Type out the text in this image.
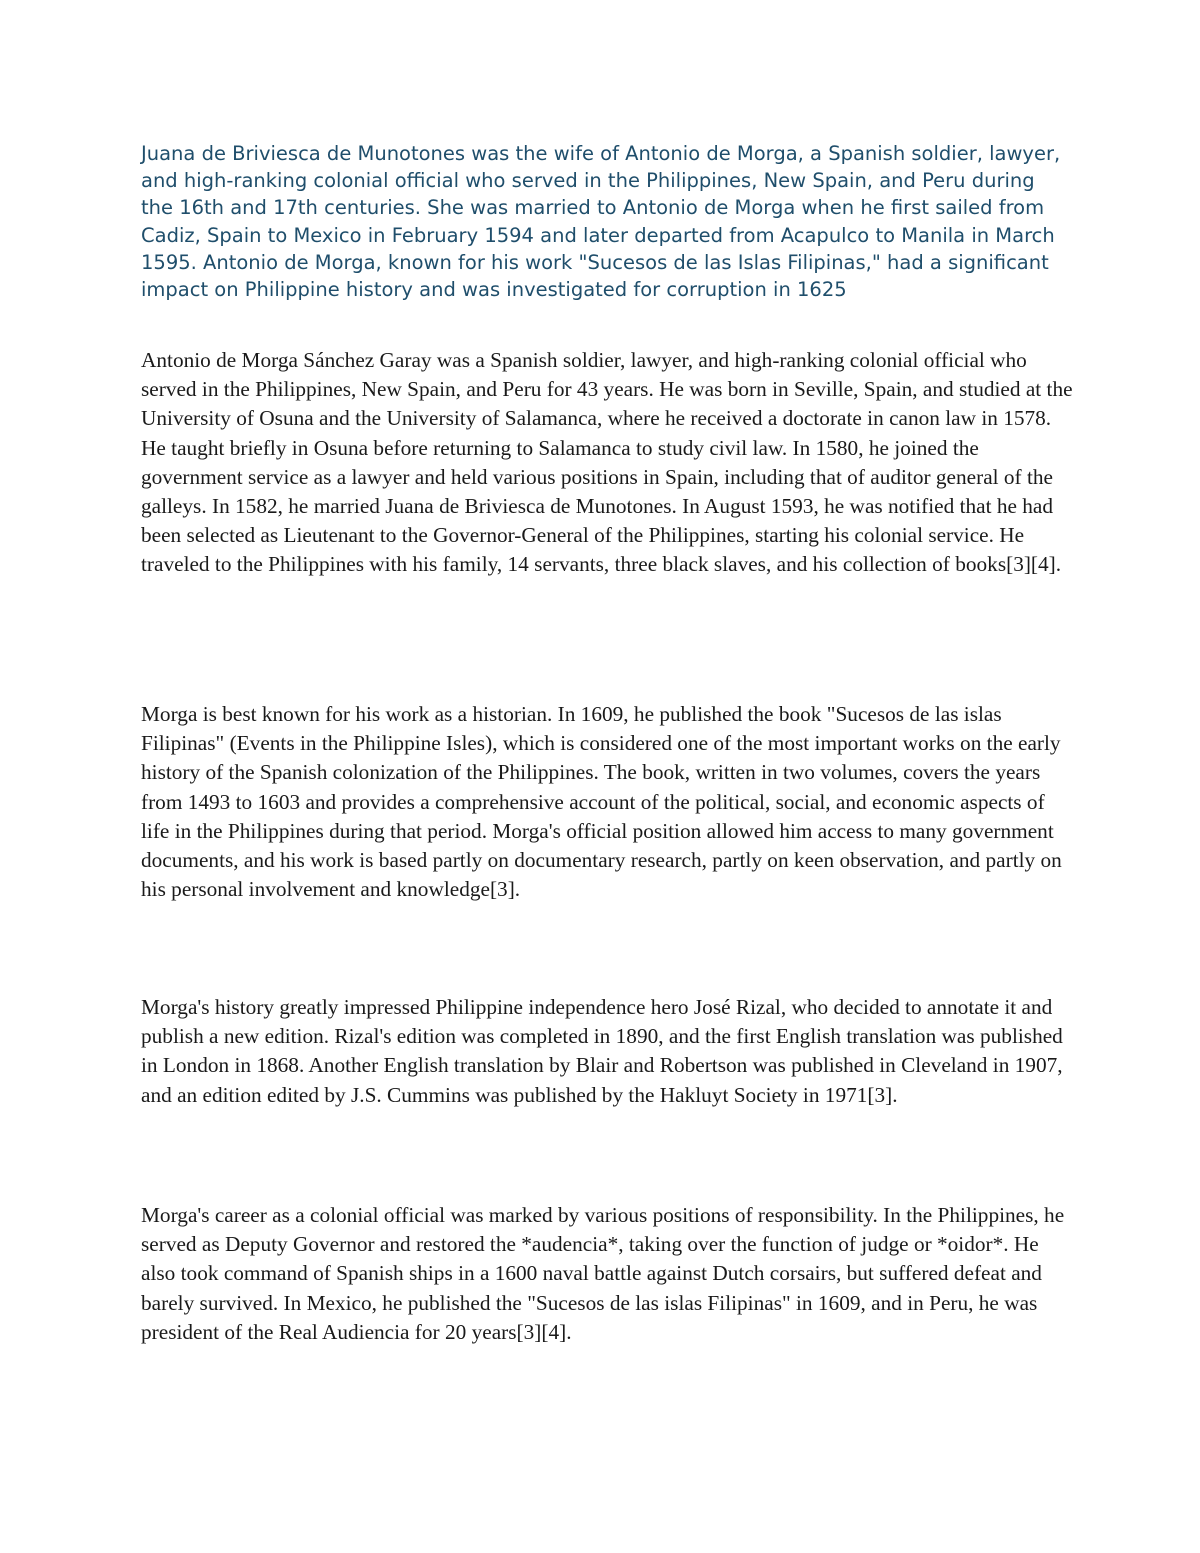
Juana de Briviesca de Munotones was the wife of Antonio de Morga, a Spanish soldier, lawyer, and high-ranking colonial official who served in the Philippines, New Spain, and Peru during the 16th and 17th centuries. She was married to Antonio de Morga when he first sailed from Cadiz, Spain to Mexico in February 1594 and later departed from Acapulco to Manila in March 1595. Antonio de Morga, known for his work "Sucesos de las Islas Filipinas," had a significant impact on Philippine history and was investigated for corruption in 1625

Antonio de Morga Sánchez Garay was a Spanish soldier, lawyer, and high-ranking colonial official who served in the Philippines, New Spain, and Peru for 43 years. He was born in Seville, Spain, and studied at the University of Osuna and the University of Salamanca, where he received a doctorate in canon law in 1578. He taught briefly in Osuna before returning to Salamanca to study civil law. In 1580, he joined the government service as a lawyer and held various positions in Spain, including that of auditor general of the galleys. In 1582, he married Juana de Briviesca de Munotones. In August 1593, he was notified that he had been selected as Lieutenant to the Governor-General of the Philippines, starting his colonial service. He traveled to the Philippines with his family, 14 servants, three black slaves, and his collection of books[3][4].

Morga is best known for his work as a historian. In 1609, he published the book "Sucesos de las islas Filipinas" (Events in the Philippine Isles), which is considered one of the most important works on the early history of the Spanish colonization of the Philippines. The book, written in two volumes, covers the years from 1493 to 1603 and provides a comprehensive account of the political, social, and economic aspects of life in the Philippines during that period. Morga's official position allowed him access to many government documents, and his work is based partly on documentary research, partly on keen observation, and partly on his personal involvement and knowledge[3].

Morga's history greatly impressed Philippine independence hero José Rizal, who decided to annotate it and publish a new edition. Rizal's edition was completed in 1890, and the first English translation was published in London in 1868. Another English translation by Blair and Robertson was published in Cleveland in 1907, and an edition edited by J.S. Cummins was published by the Hakluyt Society in 1971[3].

Morga's career as a colonial official was marked by various positions of responsibility. In the Philippines, he served as Deputy Governor and restored the *audencia*, taking over the function of judge or *oidor*. He also took command of Spanish ships in a 1600 naval battle against Dutch corsairs, but suffered defeat and barely survived. In Mexico, he published the "Sucesos de las islas Filipinas" in 1609, and in Peru, he was president of the Real Audiencia for 20 years[3][4].
